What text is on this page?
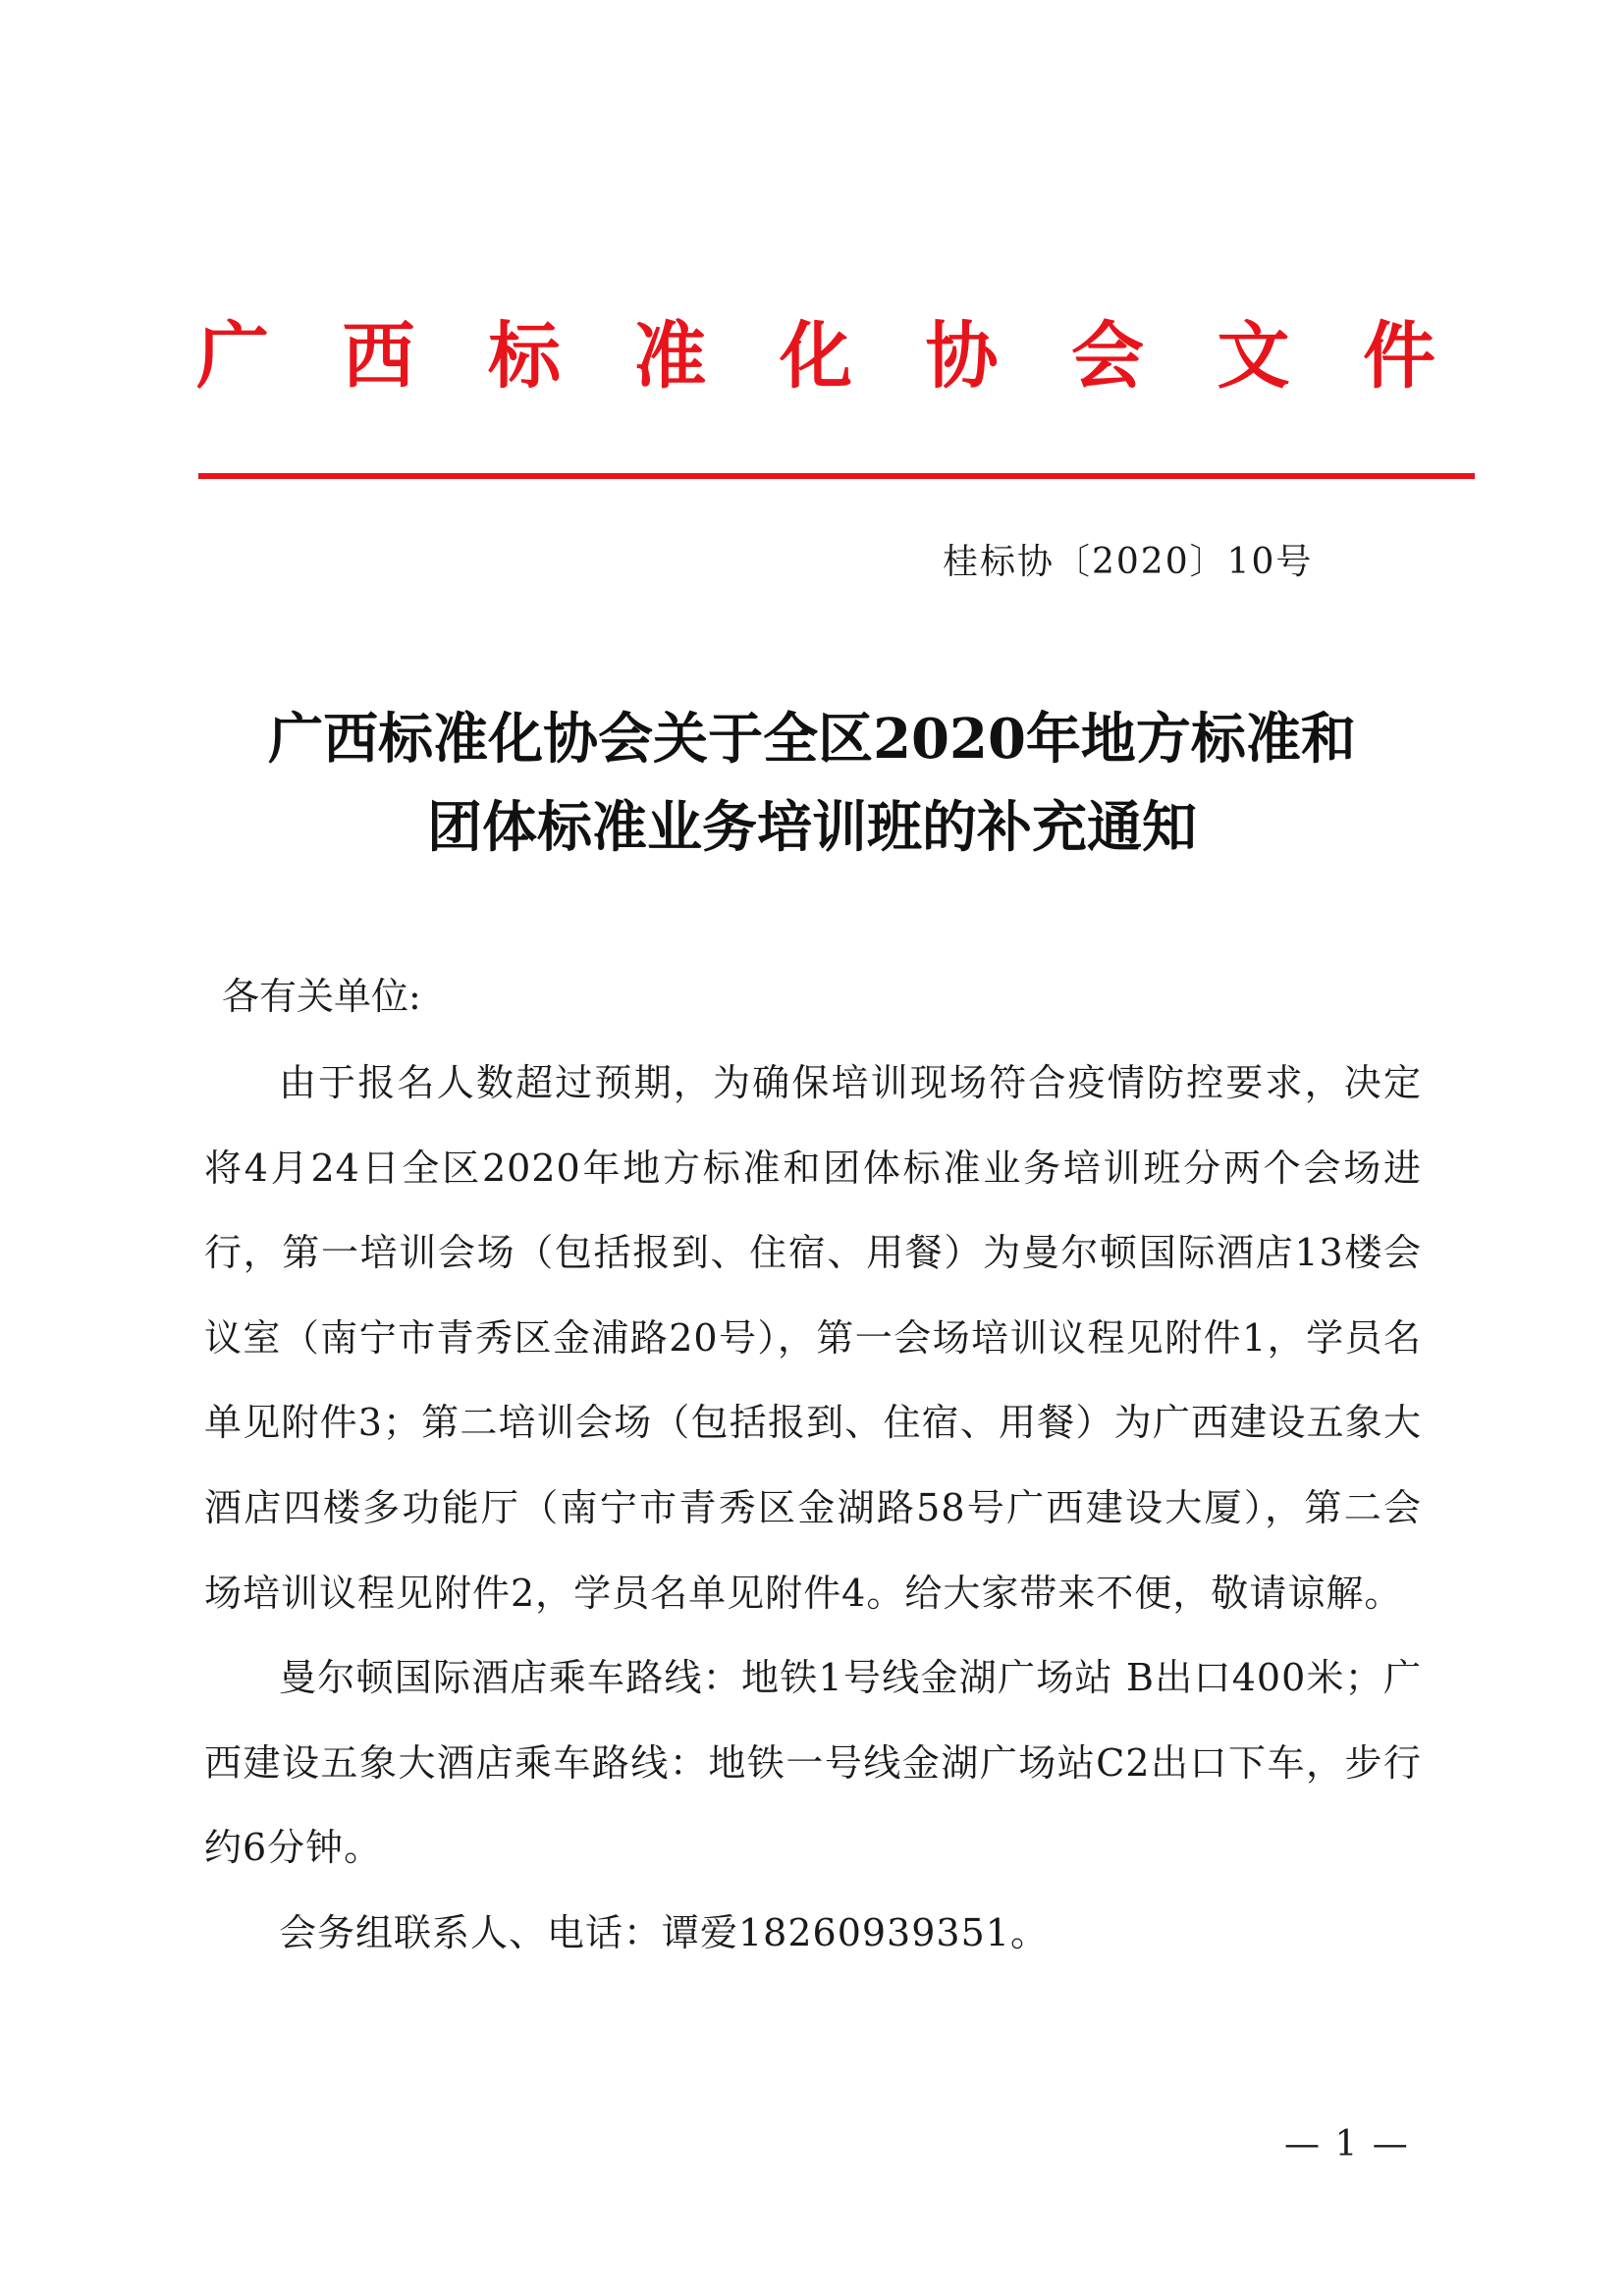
广 西 标 准 化 协 会 文 件
桂标协〔2020〕10号
广西标准化协会关于全区2020年地方标准和
团体标准业务培训班的补充通知
各有关单位:

由于报名人数超过预期，为确保培训现场符合疫情防控要求，决定将4月24日全区2020年地方标准和团体标准业务培训班分两个会场进行，第一培训会场（包括报到、住宿、用餐）为曼尔顿国际酒店13楼会议室（南宁市青秀区金浦路20号），第一会场培训议程见附件1，学员名单见附件3；第二培训会场（包括报到、住宿、用餐）为广西建设五象大酒店四楼多功能厅（南宁市青秀区金湖路58号广西建设大厦），第二会场培训议程见附件2，学员名单见附件4。给大家带来不便，敬请谅解。

曼尔顿国际酒店乘车路线：地铁1号线金湖广场站 B出口400米；广西建设五象大酒店乘车路线：地铁一号线金湖广场站C2出口下车，步行约6分钟。

会务组联系人、电话：谭爱18260939351。

— 1 —
